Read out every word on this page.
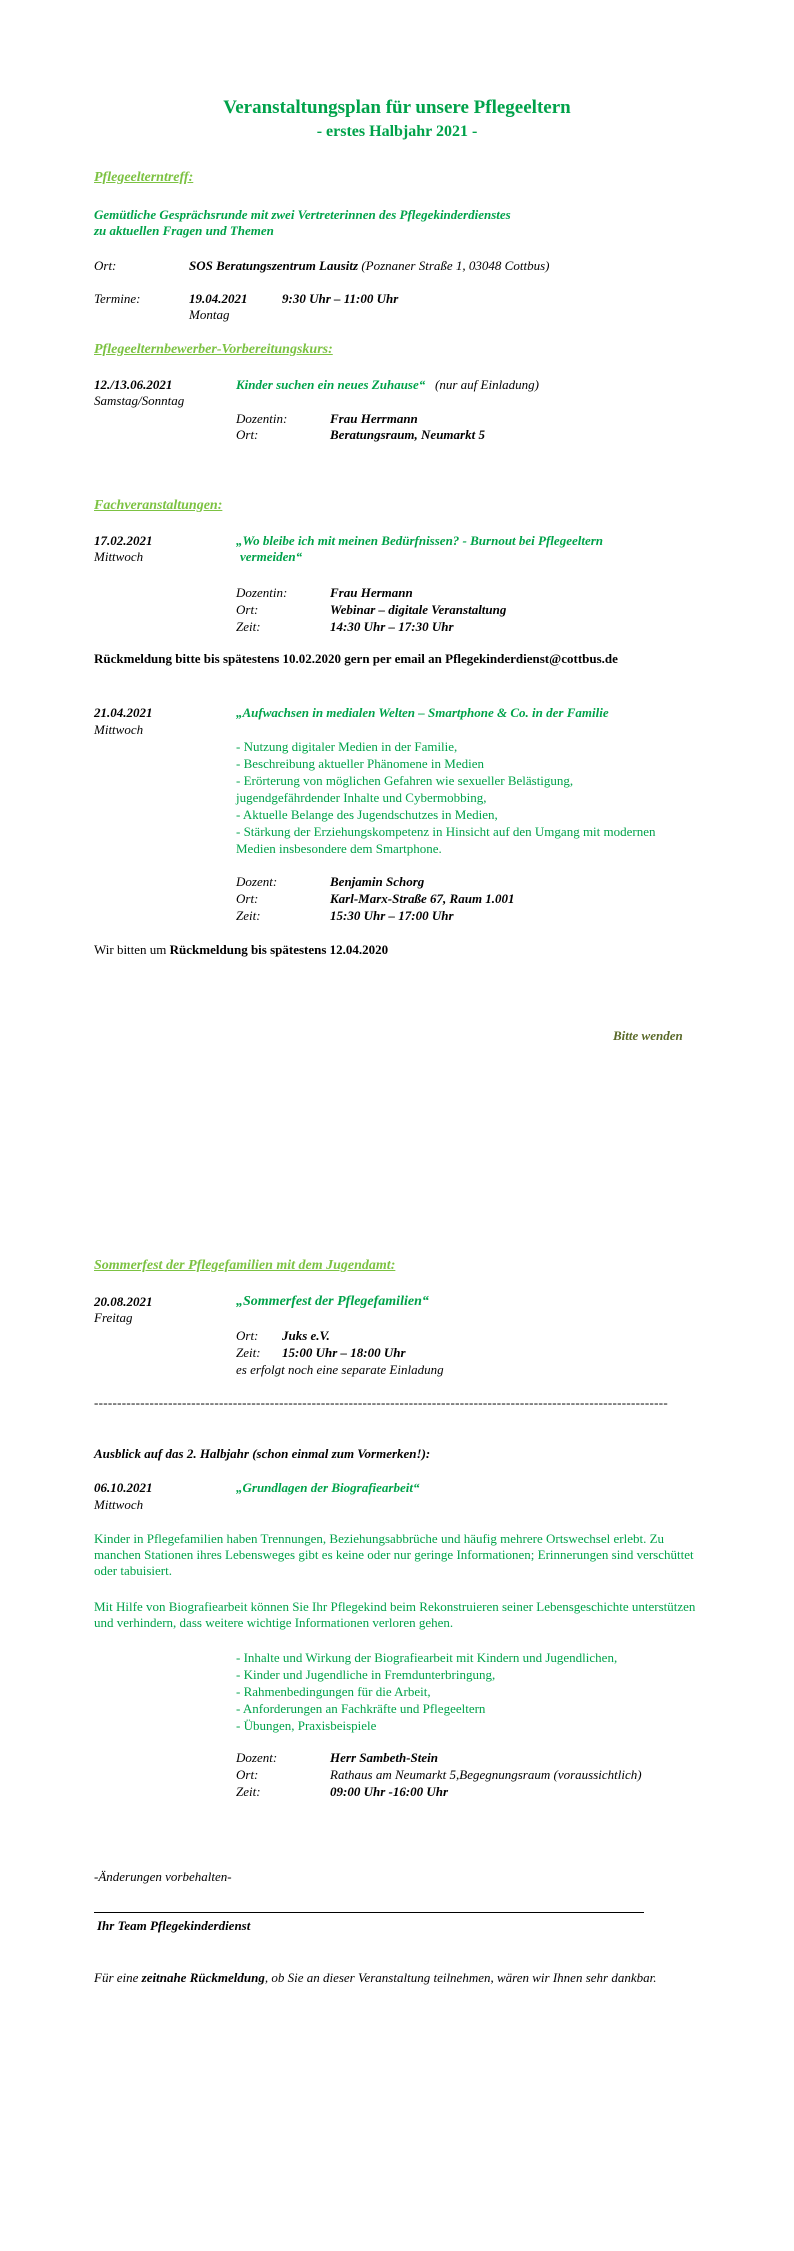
Veranstaltungsplan für unsere Pflegeeltern
- erstes Halbjahr 2021 -
Pflegeelterntreff:
Gemütliche Gesprächsrunde mit zwei Vertreterinnen des Pflegekinderdienstes
zu aktuellen Fragen und Themen
Ort:	SOS Beratungszentrum Lausitz (Poznaner Straße 1, 03048 Cottbus)
Termine:	19.04.2021	9:30 Uhr – 11:00 Uhr
Montag
Pflegeelternbewerber-Vorbereitungskurs:
12./13.06.2021
Samstag/Sonntag
Kinder suchen ein neues Zuhause“ (nur auf Einladung)
Dozentin:	Frau Herrmann
Ort:	Beratungsraum, Neumarkt 5
Fachveranstaltungen:
17.02.2021
Mittwoch
„Wo bleibe ich mit meinen Bedürfnissen? - Burnout bei Pflegeeltern
vermeiden“
Dozentin:	Frau Hermann
Ort:	Webinar – digitale Veranstaltung
Zeit:	14:30 Uhr – 17:30 Uhr
Rückmeldung bitte bis spätestens 10.02.2020 gern per email an Pflegekinderdienst@cottbus.de
21.04.2021
Mittwoch
„Aufwachsen in medialen Welten – Smartphone & Co. in der Familie
- Nutzung digitaler Medien in der Familie,
- Beschreibung aktueller Phänomene in Medien
- Erörterung von möglichen Gefahren wie sexueller Belästigung, jugendgefährdender Inhalte und Cybermobbing,
- Aktuelle Belange des Jugendschutzes in Medien,
- Stärkung der Erziehungskompetenz in Hinsicht auf den Umgang mit modernen Medien insbesondere dem Smartphone.
Dozent:	Benjamin Schorg
Ort:	Karl-Marx-Straße 67, Raum 1.001
Zeit:	15:30 Uhr – 17:00 Uhr
Wir bitten um Rückmeldung bis spätestens 12.04.2020
Bitte wenden
Sommerfest der Pflegefamilien mit dem Jugendamt:
20.08.2021
Freitag
„Sommerfest der Pflegefamilien“
Ort: Juks e.V.
Zeit: 15:00 Uhr – 18:00 Uhr
es erfolgt noch eine separate Einladung
----------------------------------------------------------------------------------------------------------------------------
Ausblick auf das 2. Halbjahr (schon einmal zum Vormerken!):
06.10.2021
Mittwoch
„Grundlagen der Biografiearbeit“
Kinder in Pflegefamilien haben Trennungen, Beziehungsabbrüche und häufig mehrere Ortswechsel erlebt. Zu manchen Stationen ihres Lebensweges gibt es keine oder nur geringe Informationen; Erinnerungen sind verschüttet oder tabuisiert.
Mit Hilfe von Biografiearbeit können Sie Ihr Pflegekind beim Rekonstruieren seiner Lebensgeschichte unterstützen und verhindern, dass weitere wichtige Informationen verloren gehen.
- Inhalte und Wirkung der Biografiearbeit mit Kindern und Jugendlichen,
- Kinder und Jugendliche in Fremdunterbringung,
- Rahmenbedingungen für die Arbeit,
- Anforderungen an Fachkräfte und Pflegeeltern
- Übungen, Praxisbeispiele
Dozent:	Herr Sambeth-Stein
Ort:	Rathaus am Neumarkt 5,Begegnungsraum (voraussichtlich)
Zeit:	09:00 Uhr -16:00 Uhr
-Änderungen vorbehalten-
Ihr Team Pflegekinderdienst
Für eine zeitnahe Rückmeldung, ob Sie an dieser Veranstaltung teilnehmen, wären wir Ihnen sehr dankbar.
